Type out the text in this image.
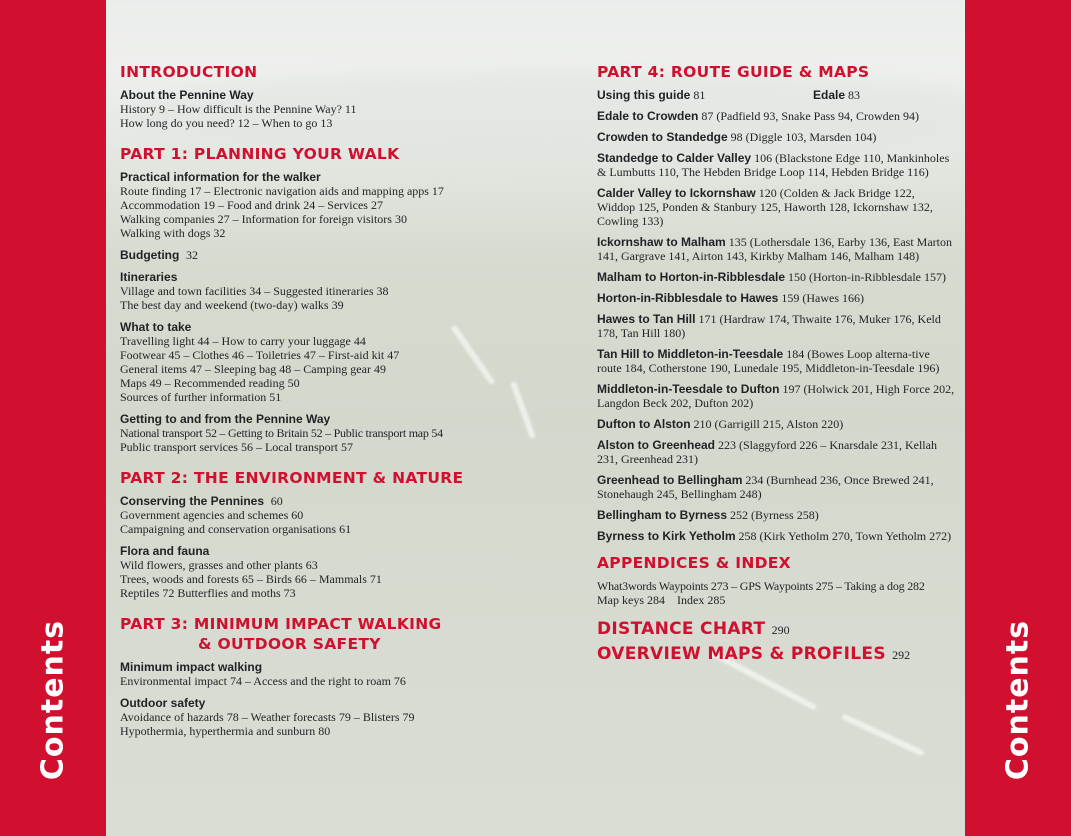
Contents	Contents
INTRODUCTION

About the Pennine Way

History 9 – How difficult is the Pennine Way? 11

How long do you need? 12 – When to go 13

PART 1: PLANNING YOUR WALK

Practical information for the walker

Route finding 17 – Electronic navigation aids and mapping apps 17

Accommodation 19 – Food and drink 24 – Services 27

Walking companies 27 – Information for foreign visitors 30

Walking with dogs 32

Budgeting 32

Itineraries

Village and town facilities 34 – Suggested itineraries 38

The best day and weekend (two-day) walks 39

What to take

Travelling light 44 – How to carry your luggage 44

Footwear 45 – Clothes 46 – Toiletries 47 – First-aid kit 47

General items 47 – Sleeping bag 48 – Camping gear 49

Maps 49 – Recommended reading 50

Sources of further information 51

Getting to and from the Pennine Way

National transport 52 – Getting to Britain 52 – Public transport map 54

Public transport services 56 – Local transport 57

PART 2: THE ENVIRONMENT & NATURE

Conserving the Pennines 60

Government agencies and schemes 60

Campaigning and conservation organisations 61

Flora and fauna

Wild flowers, grasses and other plants 63

Trees, woods and forests 65 – Birds 66 – Mammals 71

Reptiles 72 Butterflies and moths 73

PART 3: MINIMUM IMPACT WALKING
& OUTDOOR SAFETY

Minimum impact walking

Environmental impact 74 – Access and the right to roam 76

Outdoor safety

Avoidance of hazards 78 – Weather forecasts 79 – Blisters 79

Hypothermia, hyperthermia and sunburn 80

PART 4: ROUTE GUIDE & MAPS
Using this guide 81	Edale 83

Edale to Crowden 87 (Padfield 93, Snake Pass 94, Crowden 94)

Crowden to Standedge 98 (Diggle 103, Marsden 104)

Standedge to Calder Valley 106 (Blackstone Edge 110, Mankinholes & Lumbutts 110, The Hebden Bridge Loop 114, Hebden Bridge 116)

Calder Valley to Ickornshaw 120 (Colden & Jack Bridge 122, Widdop 125, Ponden & Stanbury 125, Haworth 128, Ickornshaw 132, Cowling 133)

Ickornshaw to Malham 135 (Lothersdale 136, Earby 136, East Marton 141, Gargrave 141, Airton 143, Kirkby Malham 146, Malham 148)

Malham to Horton-in-Ribblesdale 150 (Horton-in-Ribblesdale 157)

Horton-in-Ribblesdale to Hawes 159 (Hawes 166)

Hawes to Tan Hill 171 (Hardraw 174, Thwaite 176, Muker 176, Keld 178, Tan Hill 180)

Tan Hill to Middleton-in-Teesdale 184 (Bowes Loop alterna-tive route 184, Cotherstone 190, Lunedale 195, Middleton-in-Teesdale 196)

Middleton-in-Teesdale to Dufton 197 (Holwick 201, High Force 202, Langdon Beck 202, Dufton 202)

Dufton to Alston 210 (Garrigill 215, Alston 220)

Alston to Greenhead 223 (Slaggyford 226 – Knarsdale 231, Kellah 231, Greenhead 231)

Greenhead to Bellingham 234 (Burnhead 236, Once Brewed 241, Stonehaugh 245, Bellingham 248)

Bellingham to Byrness 252 (Byrness 258)

Byrness to Kirk Yetholm 258 (Kirk Yetholm 270, Town Yetholm 272)

APPENDICES & INDEX

What3words Waypoints 273 – GPS Waypoints 275 – Taking a dog 282

Map keys 284    Index 285

DISTANCE CHART 290
OVERVIEW MAPS & PROFILES 292
